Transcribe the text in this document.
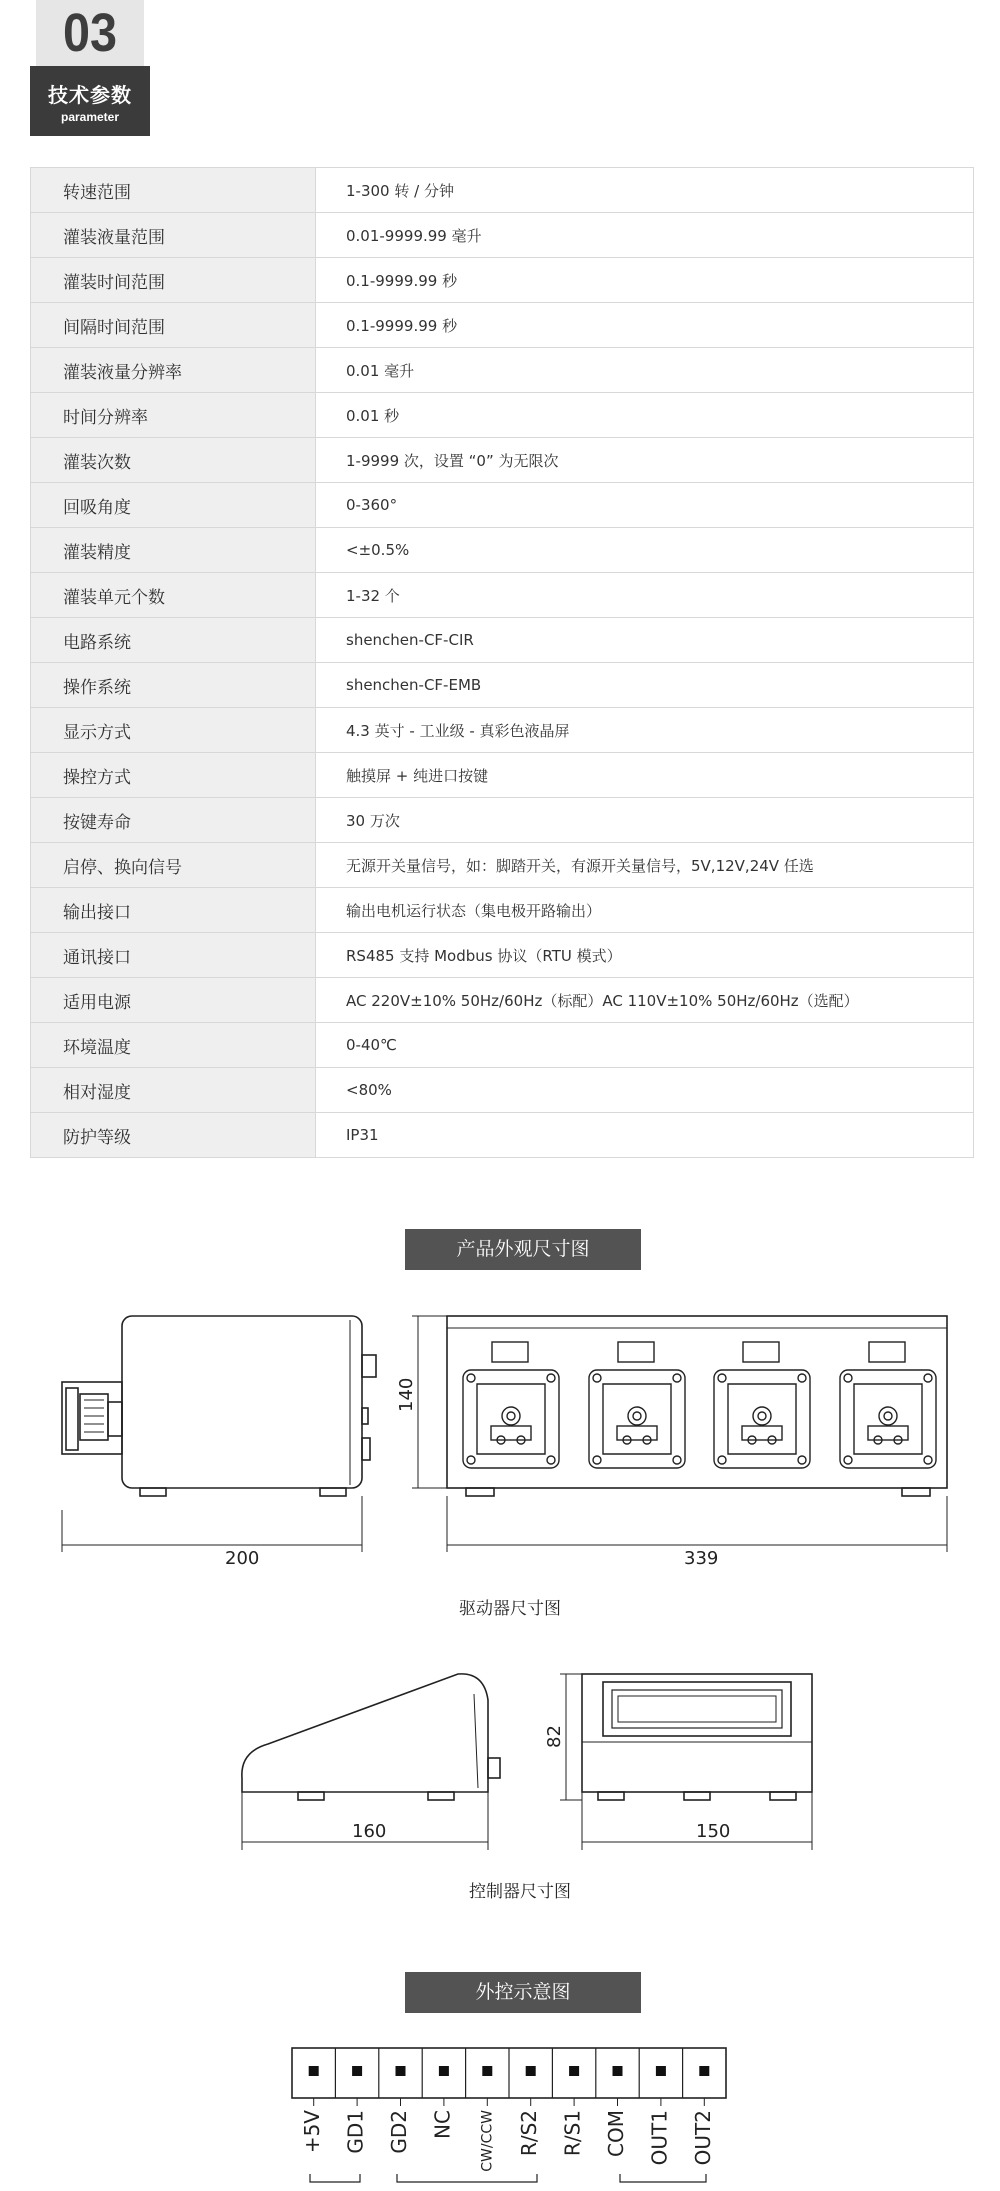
03
技术参数
parameter
转速范围	1-300 转 / 分钟
灌装液量范围	0.01-9999.99 毫升
灌装时间范围	0.1-9999.99 秒
间隔时间范围	0.1-9999.99 秒
灌装液量分辨率	0.01 毫升
时间分辨率	0.01 秒
灌装次数	1-9999 次，设置 “0” 为无限次
回吸角度	0-360°
灌装精度	<±0.5%
灌装单元个数	1-32 个
电路系统	shenchen-CF-CIR
操作系统	shenchen-CF-EMB
显示方式	4.3 英寸 - 工业级 - 真彩色液晶屏
操控方式	触摸屏 + 纯进口按键
按键寿命	30 万次
启停、换向信号	无源开关量信号，如：脚踏开关，有源开关量信号，5V,12V,24V 任选
输出接口	输出电机运行状态（集电极开路输出）
通讯接口	RS485 支持 Modbus 协议（RTU 模式）
适用电源	AC 220V±10% 50Hz/60Hz（标配）AC 110V±10% 50Hz/60Hz（选配）
环境温度	0-40℃
相对湿度	<80%
防护等级	IP31
产品外观尺寸图
200	339
140
驱动器尺寸图
160	150
82
控制器尺寸图
外控示意图
+5V GD1 GD2 NC CW/CCW R/S2 R/S1 COM OUT1 OUT2
